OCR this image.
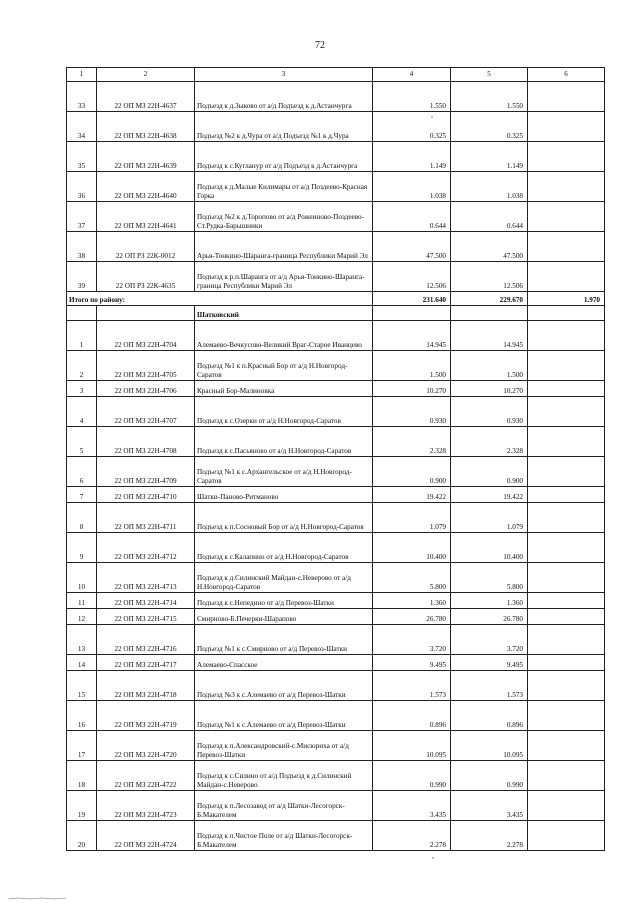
72
1	2	3	4	5	6
33	22 ОП МЗ 22Н-4637	Подъезд к д.Зыково от а/д Подъезд к д.Астанчурга	1.550	1.550	
34	22 ОП МЗ 22Н-4638	Подъезд №2 к д.Чура от а/д Подъезд №1 к д.Чура	0.325	0.325	
35	22 ОП МЗ 22Н-4639	Подъезд к с.Кугланур от а/д Подъезд к д.Астанчурга	1.149	1.149	
36	22 ОП МЗ 22Н-4640	Подъезд к д.Малые Килимары от а/д Поздеево-Красная Горка	1.038	1.038	
37	22 ОП МЗ 22Н-4641	Подъезд №2 к д.Торопово от а/д Рожеиново-Поздеево-Ст.Рудка-Барышники	0.644	0.644	
38	22 ОП РЗ 22К-0012	Арья-Тонкино-Шаранга-граница Республики Марий Эл	47.500	47.500	
39	22 ОП РЗ 22К-4635	Подъезд к р.п.Шаранга от а/д Арья-Тонкино-Шаранга-граница Республики Марий Эл	12.506	12.506	
Итого по району:			231.640	229.670	1.970
		Шатковский			
1	22 ОП МЗ 22Н-4704	Алемаево-Вечкусово-Великий Враг-Старое Иванцево	14.945	14.945	
2	22 ОП МЗ 22Н-4705	Подъезд №1 к п.Красный Бор от а/д Н.Новгород-Саратов	1.500	1.500	
3	22 ОП МЗ 22Н-4706	Красный Бор-Малиновка	10.270	10.270	
4	22 ОП МЗ 22Н-4707	Подъезд к с.Озерки от а/д Н.Новгород-Саратов	0.930	0.930	
5	22 ОП МЗ 22Н-4708	Подъезд к с.Пасьяново от а/д Н.Новгород-Саратов	2.328	2.328	
6	22 ОП МЗ 22Н-4709	Подъезд №1 к с.Архангельское от а/д Н.Новгород-Саратов	0.900	0.900	
7	22 ОП МЗ 22Н-4710	Шатки-Паново-Ритманово	19.422	19.422	
8	22 ОП МЗ 22Н-4711	Подъезд к п.Сосновый Бор от а/д Н.Новгород-Саратов	1.079	1.079	
9	22 ОП МЗ 22Н-4712	Подъезд к с.Калапино от а/д Н.Новгород-Саратов	10.400	10.400	
10	22 ОП МЗ 22Н-4713	Подъезд к д.Силинский Майдан-с.Неверово от а/д Н.Новгород-Саратов	5.800	5.800	
11	22 ОП МЗ 22Н-4714	Подъезд к с.Непедино от а/д Перевоз-Шатки	1.360	1.360	
12	22 ОП МЗ 22Н-4715	Смирново-Б.Печерки-Шарапово	26.780	26.780	
13	22 ОП МЗ 22Н-4716	Подъезд №1 к с.Смирново от а/д Перевоз-Шатки	3.720	3.720	
14	22 ОП МЗ 22Н-4717	Алемаево-Спасское	9.495	9.495	
15	22 ОП МЗ 22Н-4718	Подъезд №3 к с.Алемаево от а/д Перевоз-Шатки	1.573	1.573	
16	22 ОП МЗ 22Н-4719	Подъезд №1 к с.Алемаево от а/д Перевоз-Шатки	0.896	0.896	
17	22 ОП МЗ 22Н-4720	Подъезд к п.Александровский-с.Мисюриха от а/д Перевоз-Шатки	10.095	10.095	
18	22 ОП МЗ 22Н-4722	Подъезд к с.Силино от а/д Подъезд к д.Силинский Майдан-с.Неверово	0.990	0.990	
19	22 ОП МЗ 22Н-4723	Подъезд к п.Лесозавод от а/д Шатки-Лесогорск-Б.Макателем	3.435	3.435	
20	22 ОП МЗ 22Н-4724	Подъезд к п.Чистое Поле от а/д Шатки-Лесогорск-Б.Макателем	2.278	2.278	
